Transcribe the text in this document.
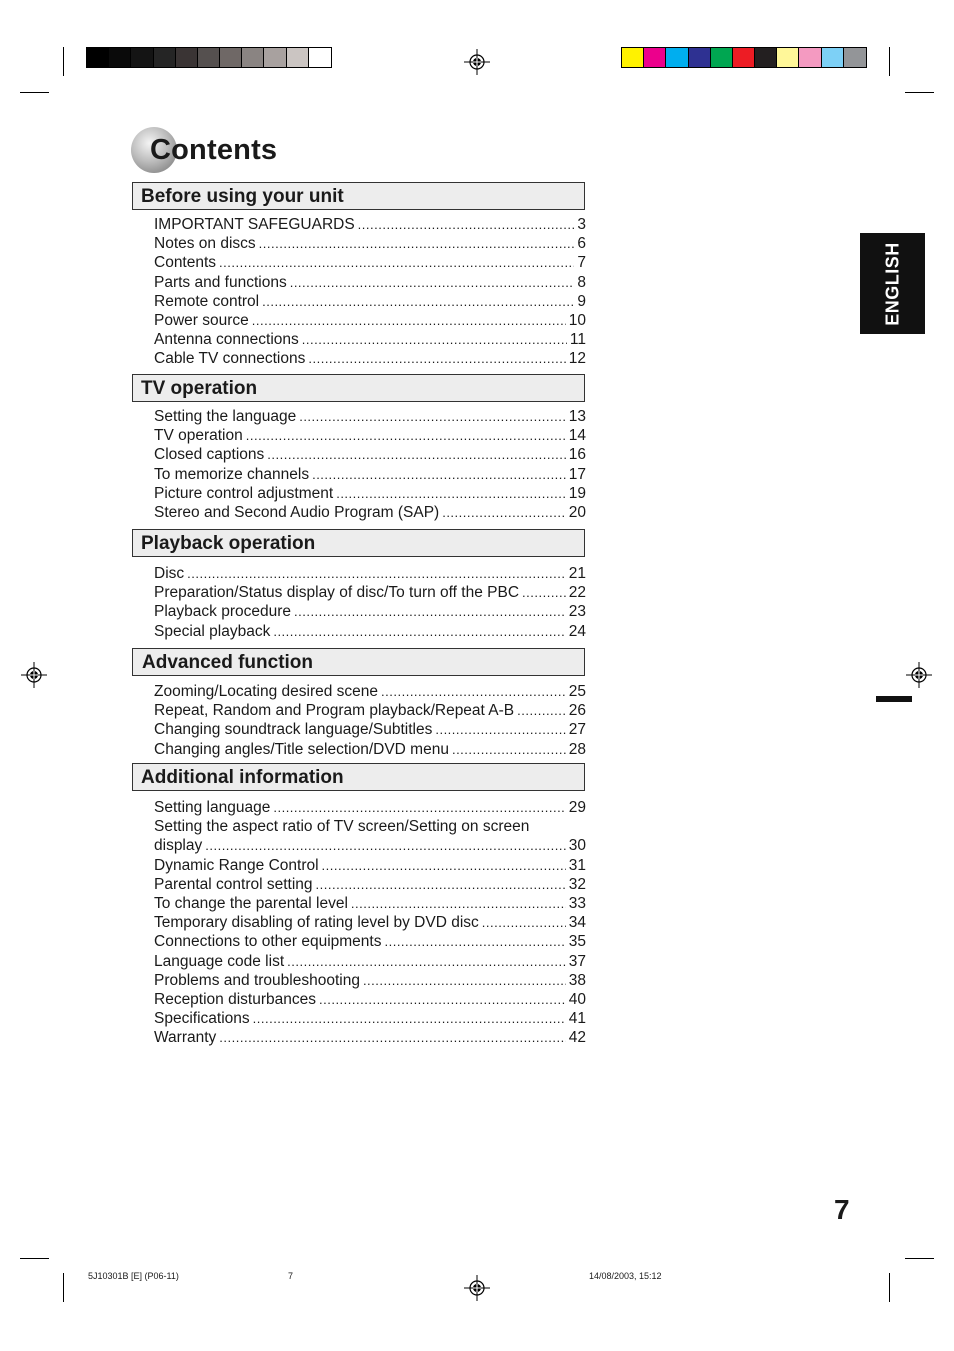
Contents
Before using your unit
IMPORTANT SAFEGUARDS .....	3
Notes on discs .....	6
Contents .....	7
Parts and functions .....	8
Remote control .....	9
Power source .....	10
Antenna connections .....	11
Cable TV connections .....	12
TV operation
Setting the language .....	13
TV operation .....	14
Closed captions .....	16
To memorize channels .....	17
Picture control adjustment .....	19
Stereo and Second Audio Program (SAP) .....	20
Playback operation
Disc .....	21
Preparation/Status display of disc/To turn off the PBC .....	22
Playback procedure .....	23
Special playback .....	24
Advanced function
Zooming/Locating desired scene .....	25
Repeat, Random and Program playback/Repeat A-B .....	26
Changing soundtrack language/Subtitles .....	27
Changing angles/Title selection/DVD menu .....	28
Additional information
Setting language .....	29
Setting the aspect ratio of TV screen/Setting on screen
display .....	30
Dynamic Range Control .....	31
Parental control setting .....	32
To change the parental level .....	33
Temporary disabling of rating level by DVD disc .....	34
Connections to other equipments .....	35
Language code list .....	37
Problems and troubleshooting .....	38
Reception disturbances .....	40
Specifications .....	41
Warranty .....	42
ENGLISH
7
5J10301B [E] (P06-11)	7	14/08/2003, 15:12
